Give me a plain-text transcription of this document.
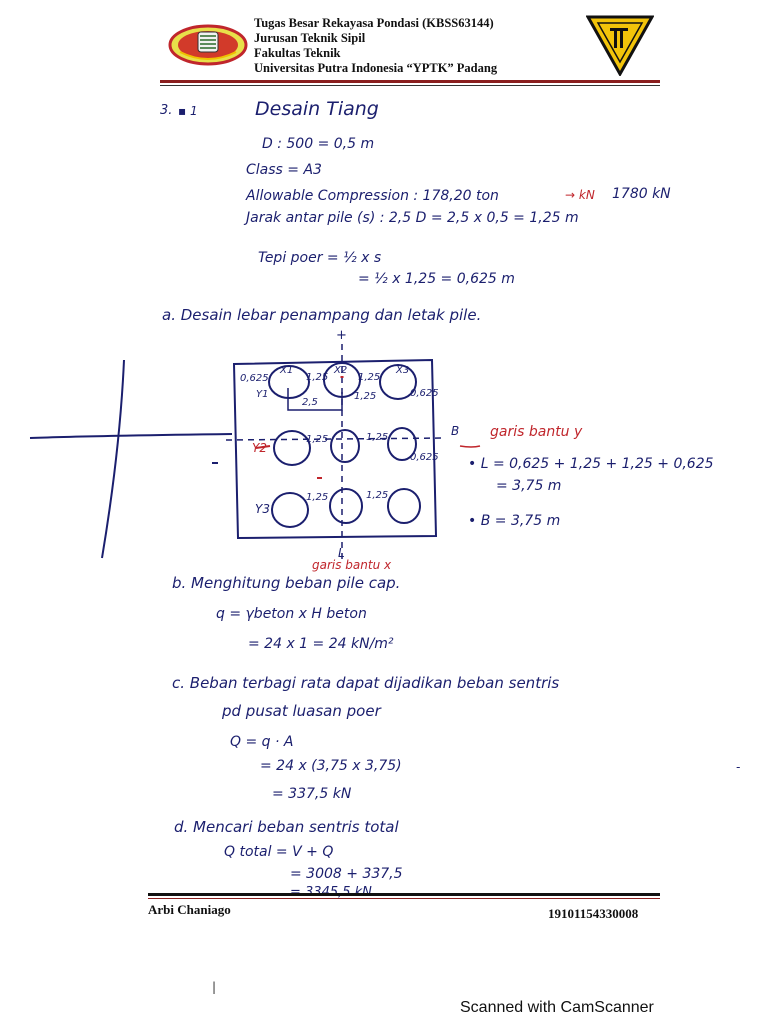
Tugas Besar Rekayasa Pondasi (KBSS63144)
Jurusan Teknik Sipil
Fakultas Teknik
Universitas Putra Indonesia “YPTK” Padang
3. ▪ 1	Desain Tiang
D : 500 = 0,5 m
Class = A3
Allowable Compression : 178,20 ton	→ kN 1780 kN
Jarak antar pile (s) : 2,5 D = 2,5 x 0,5 = 1,25 m
Tepi poer = ½ x s
= ½ x 1,25 = 0,625 m
a. Desain lebar penampang dan letak pile.
+
0,625
X1
1,25
X2
1,25
X3
0,625
Y1
2,5
1,25
Y2
1,25	1,25
0,625
Y3
1,25	1,25
B garis bantu y
L
garis bantu x
• L = 0,625 + 1,25 + 1,25 + 0,625
= 3,75 m
• B = 3,75 m
b. Menghitung beban pile cap.
q = γbeton x H beton
= 24 x 1 = 24 kN/m²
c. Beban terbagi rata dapat dijadikan beban sentris
pd pusat luasan poer
Q = q · A
= 24 x (3,75 x 3,75)
= 337,5 kN
d. Mencari beban sentris total
Q total = V + Q
= 3008 + 337,5
Arbi Chaniago	19101154330008
|
-
Scanned with CamScanner
